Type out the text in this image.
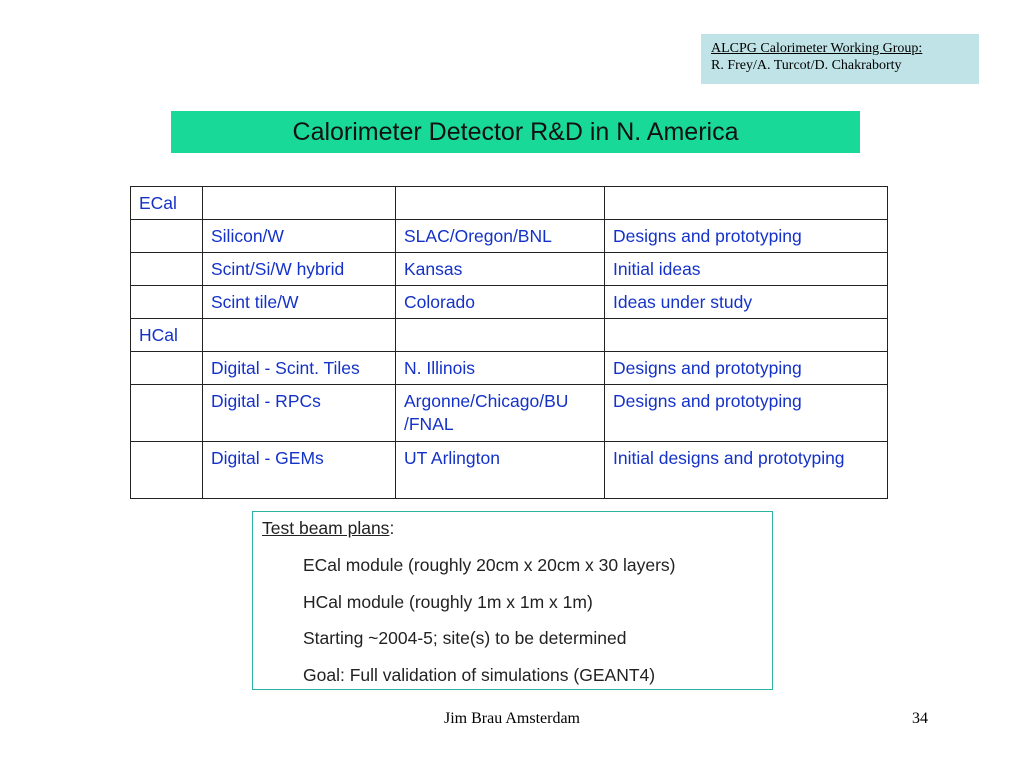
ALCPG Calorimeter Working Group:
R. Frey/A. Turcot/D. Chakraborty
Calorimeter Detector R&D in N. America
ECal			
	Silicon/W	SLAC/Oregon/BNL	Designs and prototyping
	Scint/Si/W hybrid	Kansas	Initial ideas
	Scint tile/W	Colorado	Ideas under study
HCal			
	Digital - Scint. Tiles	N. Illinois	Designs and prototyping
	Digital - RPCs	Argonne/Chicago/BU /FNAL	Designs and prototyping
	Digital - GEMs	UT Arlington	Initial designs and prototyping
Test beam plans:
ECal module (roughly 20cm x 20cm x 30 layers)
HCal module (roughly 1m x 1m x 1m)
Starting ~2004-5; site(s) to be determined
Goal: Full validation of simulations (GEANT4)
Jim Brau Amsterdam	34
